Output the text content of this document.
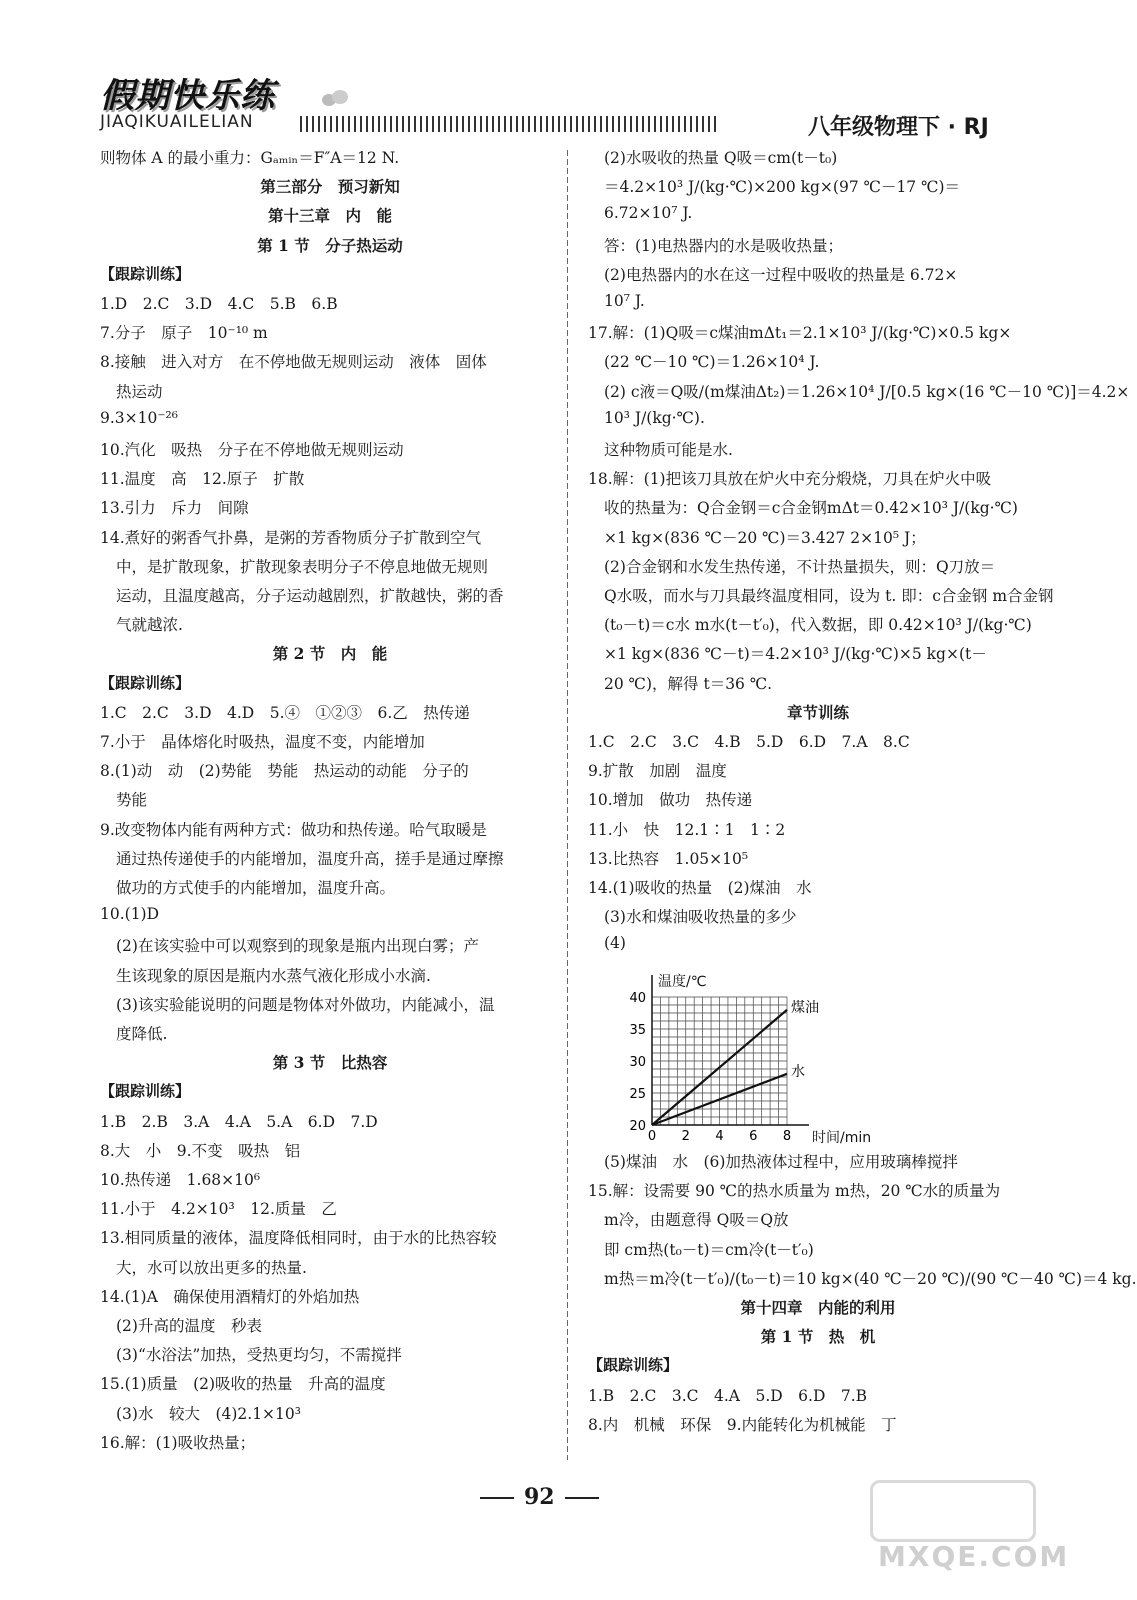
假期快乐练
JIAQIKUAILELIAN	八年级物理下 · RJ
则物体 A 的最小重力：Gₐₘᵢₙ＝F″A＝12 N.
第三部分　预习新知
第十三章　内　能
第 1 节　分子热运动
【跟踪训练】
1.D　2.C　3.D　4.C　5.B　6.B
7.分子　原子　10⁻¹⁰ m
8.接触　进入对方　在不停地做无规则运动　液体　固体
热运动
9.3×10⁻²⁶
10.汽化　吸热　分子在不停地做无规则运动
11.温度　高　12.原子　扩散
13.引力　斥力　间隙
14.煮好的粥香气扑鼻，是粥的芳香物质分子扩散到空气
中，是扩散现象，扩散现象表明分子不停息地做无规则
运动，且温度越高，分子运动越剧烈，扩散越快，粥的香
气就越浓.
第 2 节　内　能
【跟踪训练】
1.C　2.C　3.D　4.D　5.④　①②③　6.乙　热传递
7.小于　晶体熔化时吸热，温度不变，内能增加
8.(1)动　动　(2)势能　势能　热运动的动能　分子的
势能
9.改变物体内能有两种方式：做功和热传递。哈气取暖是
通过热传递使手的内能增加，温度升高，搓手是通过摩擦
做功的方式使手的内能增加，温度升高。
10.(1)D
(2)在该实验中可以观察到的现象是瓶内出现白雾；产
生该现象的原因是瓶内水蒸气液化形成小水滴.
(3)该实验能说明的问题是物体对外做功，内能减小，温
度降低.
第 3 节　比热容
【跟踪训练】
1.B　2.B　3.A　4.A　5.A　6.D　7.D
8.大　小　9.不变　吸热　铝
10.热传递　1.68×10⁶
11.小于　4.2×10³　12.质量　乙
13.相同质量的液体，温度降低相同时，由于水的比热容较
大，水可以放出更多的热量.
14.(1)A　确保使用酒精灯的外焰加热
(2)升高的温度　秒表
(3)“水浴法”加热，受热更均匀，不需搅拌
15.(1)质量　(2)吸收的热量　升高的温度
(3)水　较大　(4)2.1×10³
16.解：(1)吸收热量；
(2)水吸收的热量 Q吸＝cm(t－t₀)
＝4.2×10³ J/(kg·℃)×200 kg×(97 ℃－17 ℃)＝
6.72×10⁷ J.
答：(1)电热器内的水是吸收热量；
(2)电热器内的水在这一过程中吸收的热量是 6.72×
10⁷ J.
17.解：(1)Q吸＝c煤油mΔt₁＝2.1×10³ J/(kg·℃)×0.5 kg×
(22 ℃－10 ℃)＝1.26×10⁴ J.
(2) c液＝Q吸/(m煤油Δt₂)＝1.26×10⁴ J/[0.5 kg×(16 ℃－10 ℃)]＝4.2×
10³ J/(kg·℃).
这种物质可能是水.
18.解：(1)把该刀具放在炉火中充分煅烧，刀具在炉火中吸
收的热量为：Q合金钢＝c合金钢mΔt＝0.42×10³ J/(kg·℃)
×1 kg×(836 ℃－20 ℃)＝3.427 2×10⁵ J；
(2)合金钢和水发生热传递，不计热量损失，则：Q刀放＝
Q水吸，而水与刀具最终温度相同，设为 t. 即：c合金钢 m合金钢
(t₀－t)＝c水 m水(t－t′₀)，代入数据，即 0.42×10³ J/(kg·℃)
×1 kg×(836 ℃－t)＝4.2×10³ J/(kg·℃)×5 kg×(t－
20 ℃)，解得 t＝36 ℃.
章节训练
1.C　2.C　3.C　4.B　5.D　6.D　7.A　8.C
9.扩散　加剧　温度
10.增加　做功　热传递
11.小　快　12.1∶1　1∶2
13.比热容　1.05×10⁵
14.(1)吸收的热量　(2)煤油　水
(3)水和煤油吸收热量的多少
(4)
(5)煤油　水　(6)加热液体过程中，应用玻璃棒搅拌
15.解：设需要 90 ℃的热水质量为 m热，20 ℃水的质量为
m冷，由题意得 Q吸＝Q放
即 cm热(t₀－t)＝cm冷(t－t′₀)
m热＝m冷(t－t′₀)/(t₀－t)＝10 kg×(40 ℃－20 ℃)/(90 ℃－40 ℃)＝4 kg.
第十四章　内能的利用
第 1 节　热　机
【跟踪训练】
1.B　2.C　3.C　4.A　5.D　6.D　7.B
8.内　机械　环保　9.内能转化为机械能　丁
温度/℃
时间/min
0 2 4 6 8
20
25
30
35
40
煤油
水
92
MXQE.COM
